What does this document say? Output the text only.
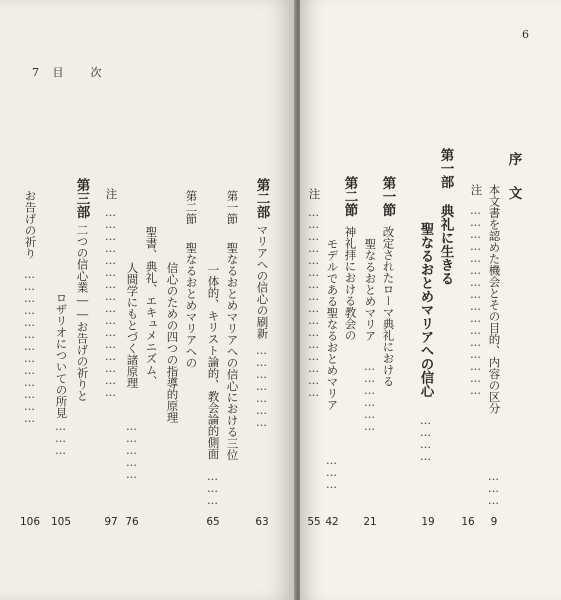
7 目　次
第二部
マリアへの信心の刷新
…………………
63
第一節
聖なるおとめマリアへの信心における三位
一体的、キリスト論的、教会論的側面
………
65
第二節
聖なるおとめマリアへの
信心のための四つの指導的原理
聖書、典礼、エキュメニズム、
人間学にもとづく諸原理
……………
76
注
…………………………………………
97
第三部
二つの信心業――お告げの祈りと
ロザリオについての所見
………
105
お告げの祈り
…………………………………
106
6
序
文
本文書を認めた機会とその目的、内容の区分
………
9
注
…………………………………………
16
第一部
典礼に生きる
聖なるおとめマリアへの信心
…………
19
第一節
改定されたローマ典礼における
聖なるおとめマリア
………………
21
第二節
神礼拝における教会の
モデルである聖なるおとめマリア
………
42
注
…………………………………………
55
